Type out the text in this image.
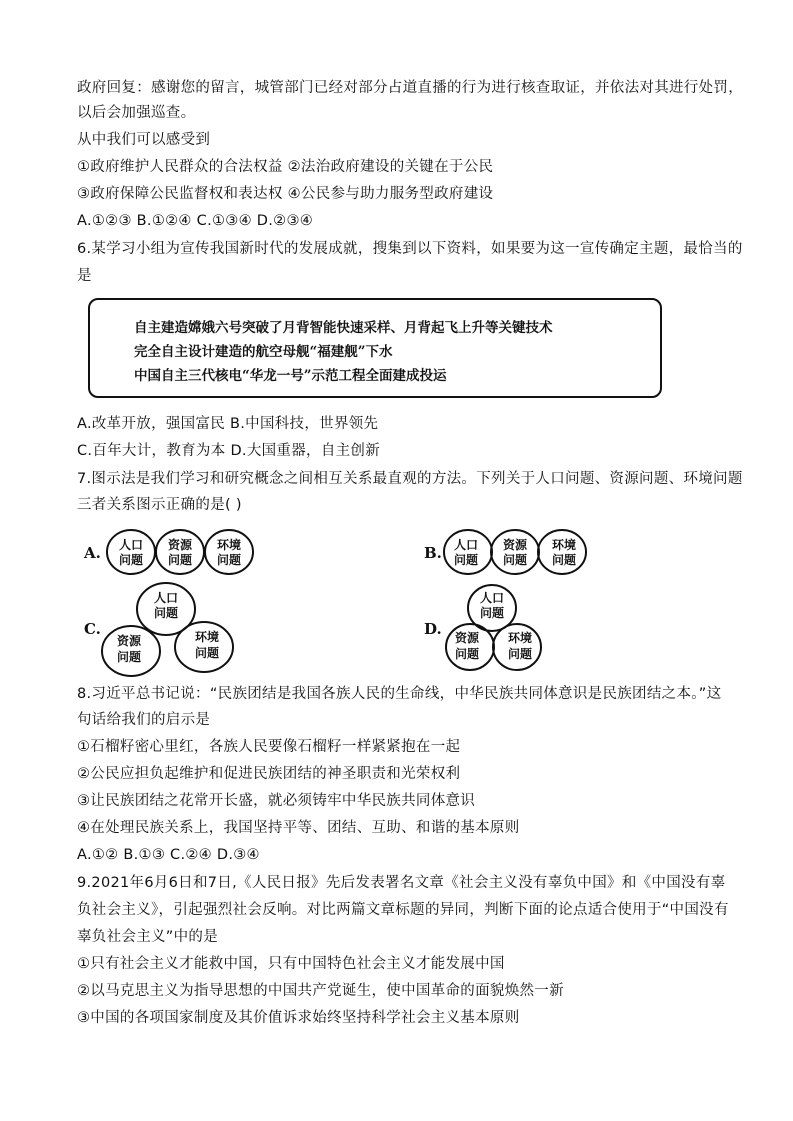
政府回复：感谢您的留言，城管部门已经对部分占道直播的行为进行核查取证，并依法对其进行处罚，
以后会加强巡查。
从中我们可以感受到
①政府维护人民群众的合法权益 ②法治政府建设的关键在于公民
③政府保障公民监督权和表达权 ④公民参与助力服务型政府建设
A.①②③ B.①②④ C.①③④ D.②③④
6.某学习小组为宣传我国新时代的发展成就，搜集到以下资料，如果要为这一宣传确定主题，最恰当的
是
自主建造嫦娥六号突破了月背智能快速采样、月背起飞上升等关键技术
完全自主设计建造的航空母舰“福建舰”下水
中国自主三代核电“华龙一号”示范工程全面建成投运
A.改革开放，强国富民 B.中国科技，世界领先
C.百年大计，教育为本 D.大国重器，自主创新
7.图示法是我们学习和研究概念之间相互关系最直观的方法。下列关于人口问题、资源问题、环境问题
三者关系图示正确的是( )
A.	B.
C.	D.
人口
问题
资源
问题
环境
问题
人口
问题
资源
问题
环境
问题
人口
问题
资源
问题
环境
问题
人口
问题
资源
问题
环境
问题
8.习近平总书记说：“民族团结是我国各族人民的生命线，中华民族共同体意识是民族团结之本。”这
句话给我们的启示是
①石榴籽密心里红，各族人民要像石榴籽一样紧紧抱在一起
②公民应担负起维护和促进民族团结的神圣职责和光荣权利
③让民族团结之花常开长盛，就必须铸牢中华民族共同体意识
④在处理民族关系上，我国坚持平等、团结、互助、和谐的基本原则
A.①② B.①③ C.②④ D.③④
9.2021年6月6日和7日,《人民日报》先后发表署名文章《社会主义没有辜负中国》和《中国没有辜
负社会主义》，引起强烈社会反响。对比两篇文章标题的异同，判断下面的论点适合使用于“中国没有
辜负社会主义”中的是
①只有社会主义才能救中国，只有中国特色社会主义才能发展中国
②以马克思主义为指导思想的中国共产党诞生，使中国革命的面貌焕然一新
③中国的各项国家制度及其价值诉求始终坚持科学社会主义基本原则
